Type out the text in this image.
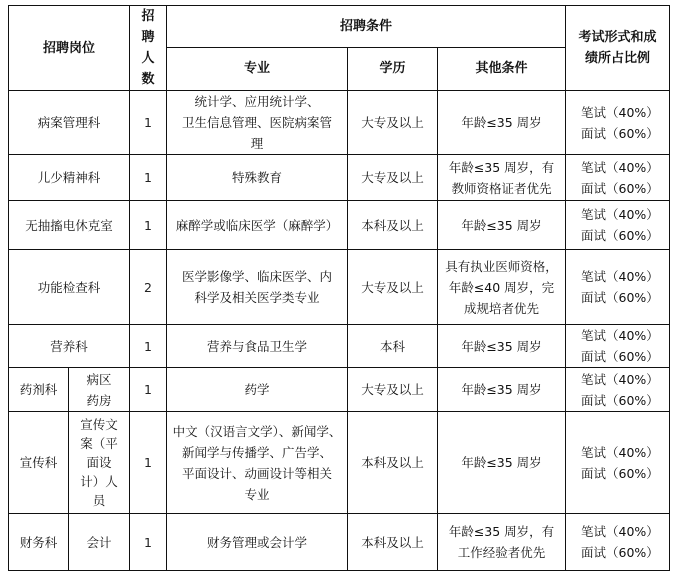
招聘岗位		招
聘
人
数	招聘条件			考试形式和成
绩所占比例

			专业	学历	其他条件	
病案管理科		1	统计学、应用统计学、
卫生信息管理、医院病案管
理	大专及以上	年龄≤35 周岁	笔试（40%）
面试（60%）

儿少精神科		1	特殊教育	大专及以上	年龄≤35 周岁，有
教师资格证者优先	笔试（40%）
面试（60%）

无抽搐电休克室		1	麻醉学或临床医学（麻醉学）	本科及以上	年龄≤35 周岁	笔试（40%）
面试（60%）

功能检查科		2	医学影像学、临床医学、内
科学及相关医学类专业	大专及以上	具有执业医师资格，
年龄≤40 周岁，完
成规培者优先	笔试（40%）
面试（60%）

营养科		1	营养与食品卫生学	本科	年龄≤35 周岁	笔试（40%）
面试（60%）

药剂科	病区
药房	1	药学	大专及以上	年龄≤35 周岁	笔试（40%）
面试（60%）

宣传科	宣传文
案（平
面设
计）人
员	1	中文（汉语言文学）、新闻学、
新闻学与传播学、广告学、
平面设计、动画设计等相关
专业	本科及以上	年龄≤35 周岁	笔试（40%）
面试（60%）

财务科	会计	1	财务管理或会计学	本科及以上	年龄≤35 周岁，有
工作经验者优先	笔试（40%）
面试（60%）
